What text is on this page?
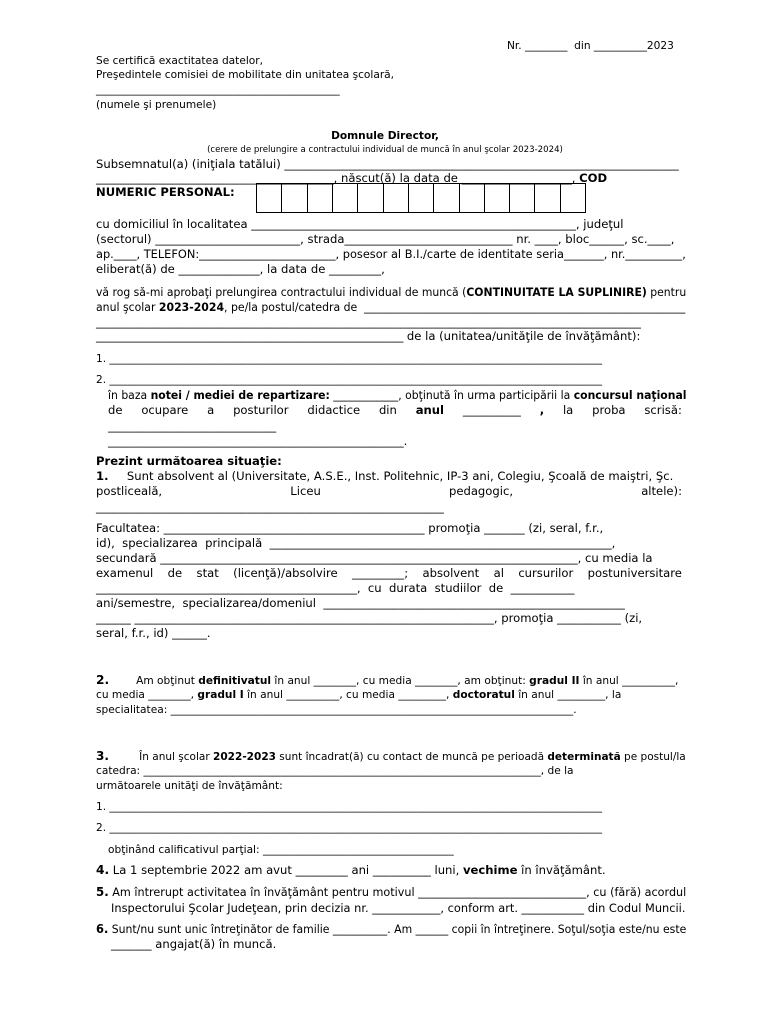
Nr. ________  din __________2023
Se certifică exactitatea datelor,
Preşedintele comisiei de mobilitate din unitatea şcolară,
______________________________________________
(numele şi prenumele)
Domnule Director,
(cerere de prelungire a contractului individual de muncă în anul şcolar 2023-2024)
Subsemnatul(a) (iniţiala tatălui) ____________________________________________________________________
_________________________________________, născut(ă) la data de ___________________, COD
NUMERIC PERSONAL:
cu domiciliul în localitatea ________________________________________________________, judeţul
(sectorul) _________________________, strada_____________________________ nr. ____, bloc______, sc.____,
ap.____, TELEFON:________________________, posesor al B.I./carte de identitate seria_______, nr.__________,
eliberat(ă) de ______________, la data de _________,
vă rog să-mi aprobaţi prelungirea contractului individual de muncă (CONTINUITATE LA SUPLINIRE) pentru
anul şcolar 2023-2024, pe/la postul/catedra de  ___________________________________________________________
______________________________________________________________________________________________
_____________________________________________________ de la (unitatea/unităţile de învăţământ):
1. _____________________________________________________________________________________________
2. _____________________________________________________________________________________________
în baza notei / mediei de repartizare: ____________, obţinută în urma participării la concursul naţional
de ocupare a posturilor didactice din anul __________ , la proba scrisă:
_____________________________
___________________________________________________.
Prezint următoarea situaţie:
1. Sunt absolvent al (Universitate, A.S.E., Inst. Politehnic, IP-3 ani, Colegiu, Şcoală de maiştri, Şc.
postliceală,	Liceu	pedagogic,	altele):
____________________________________________________________
Facultatea: _____________________________________________ promoţia _______ (zi, seral, f.r.,
id),  specializarea  principală  ___________________________________________________________,
secundară ________________________________________________________________________, cu media la
examenul de stat (licenţă)/absolvire _________; absolvent al cursurilor postuniversitare
_____________________________________________,  cu  durata  studiilor  de  ___________
ani/semestre,  specializarea/domeniul  ____________________________________________________
______ ______________________________________________________________, promoţia ___________ (zi,
seral, f.r., id) ______.
2.	Am obţinut definitivatul în anul ________, cu media ________, am obţinut: gradul II în anul __________,
cu media ________, gradul I în anul __________, cu media _________, doctoratul în anul _________, la
specialitatea: ____________________________________________________________________________.
3.	În anul şcolar 2022-2023 sunt încadrat(ă) cu contact de muncă pe perioadă determinată pe postul/la
catedra: ___________________________________________________________________________, de la
următoarele unităţi de învăţământ:
1. _____________________________________________________________________________________________
2. _____________________________________________________________________________________________
obţinând calificativul parţial: ____________________________________
4. La 1 septembrie 2022 am avut _________ ani __________ luni, vechime în învăţământ.
5. Am întrerupt activitatea în învăţământ pentru motivul ______________________________, cu (fără) acordul
Inspectorului Şcolar Judeţean, prin decizia nr. ____________, conform art. ___________ din Codul Muncii.
6. Sunt/nu sunt unic întreţinător de familie __________. Am ______ copii în întreţinere. Soţul/soţia este/nu este
_______ angajat(ă) în muncă.
